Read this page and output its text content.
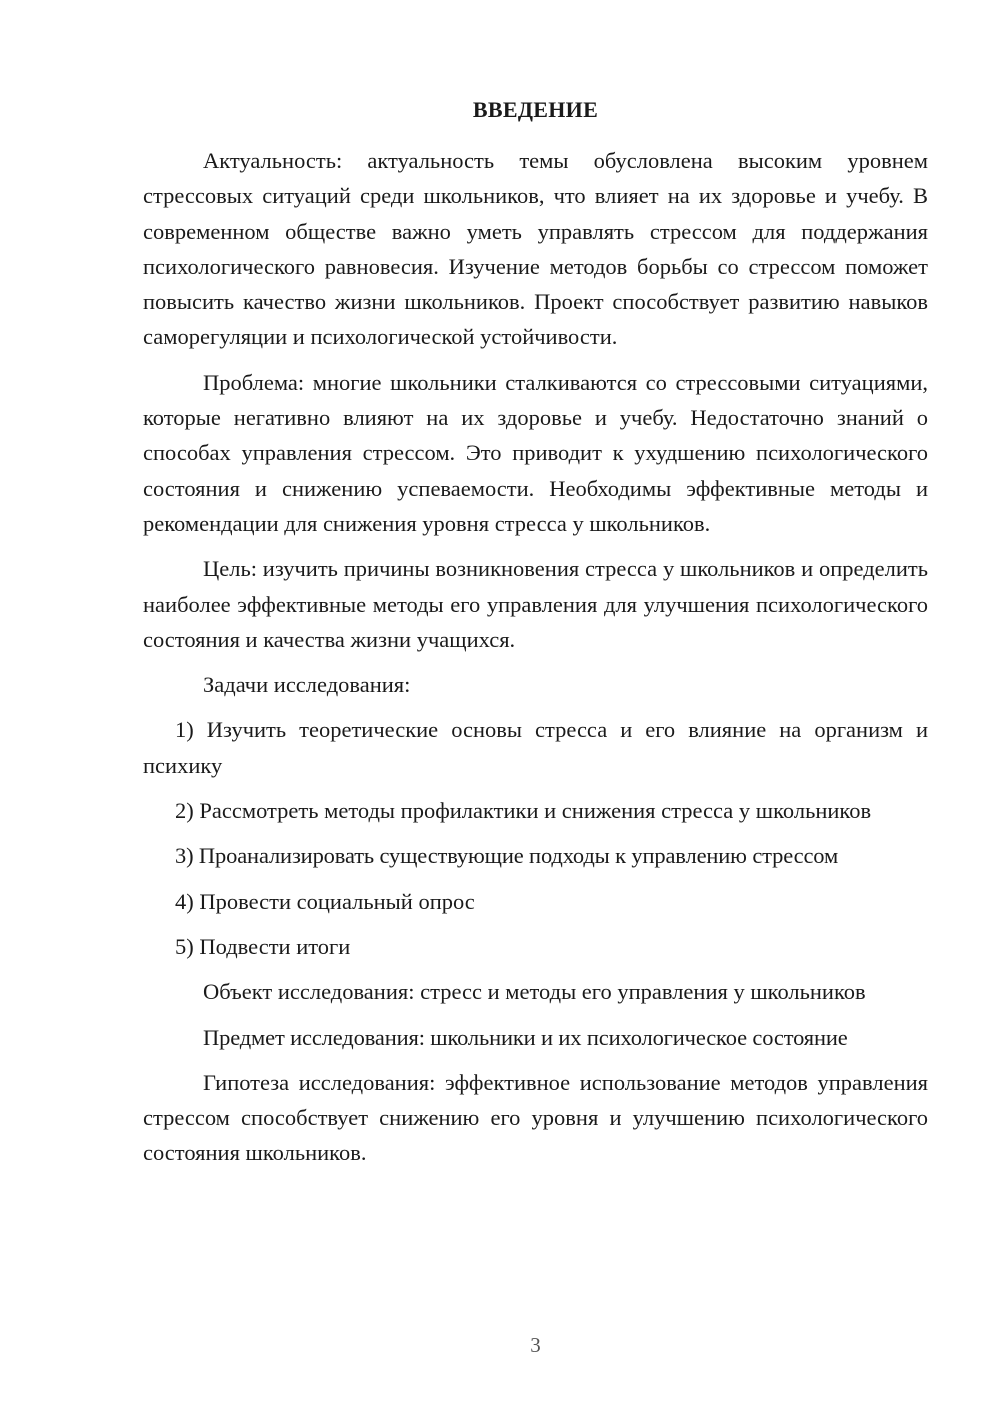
ВВЕДЕНИЕ

Актуальность: актуальность темы обусловлена высоким уровнем стрессовых ситуаций среди школьников, что влияет на их здоровье и учебу. В современном обществе важно уметь управлять стрессом для поддержания психологического равновесия. Изучение методов борьбы со стрессом поможет повысить качество жизни школьников. Проект способствует развитию навыков саморегуляции и психологической устойчивости.

Проблема: многие школьники сталкиваются со стрессовыми ситуациями, которые негативно влияют на их здоровье и учебу. Недостаточно знаний о способах управления стрессом. Это приводит к ухудшению психологического состояния и снижению успеваемости. Необходимы эффективные методы и рекомендации для снижения уровня стресса у школьников.

Цель: изучить причины возникновения стресса у школьников и определить наиболее эффективные методы его управления для улучшения психологического состояния и качества жизни учащихся.

Задачи исследования:

1) Изучить теоретические основы стресса и его влияние на организм и психику

2) Рассмотреть методы профилактики и снижения стресса у школьников

3) Проанализировать существующие подходы к управлению стрессом

4) Провести социальный опрос

5) Подвести итоги

Объект исследования: стресс и методы его управления у школьников

Предмет исследования: школьники и их психологическое состояние

Гипотеза исследования: эффективное использование методов управления стрессом способствует снижению его уровня и улучшению психологического состояния школьников.

3
